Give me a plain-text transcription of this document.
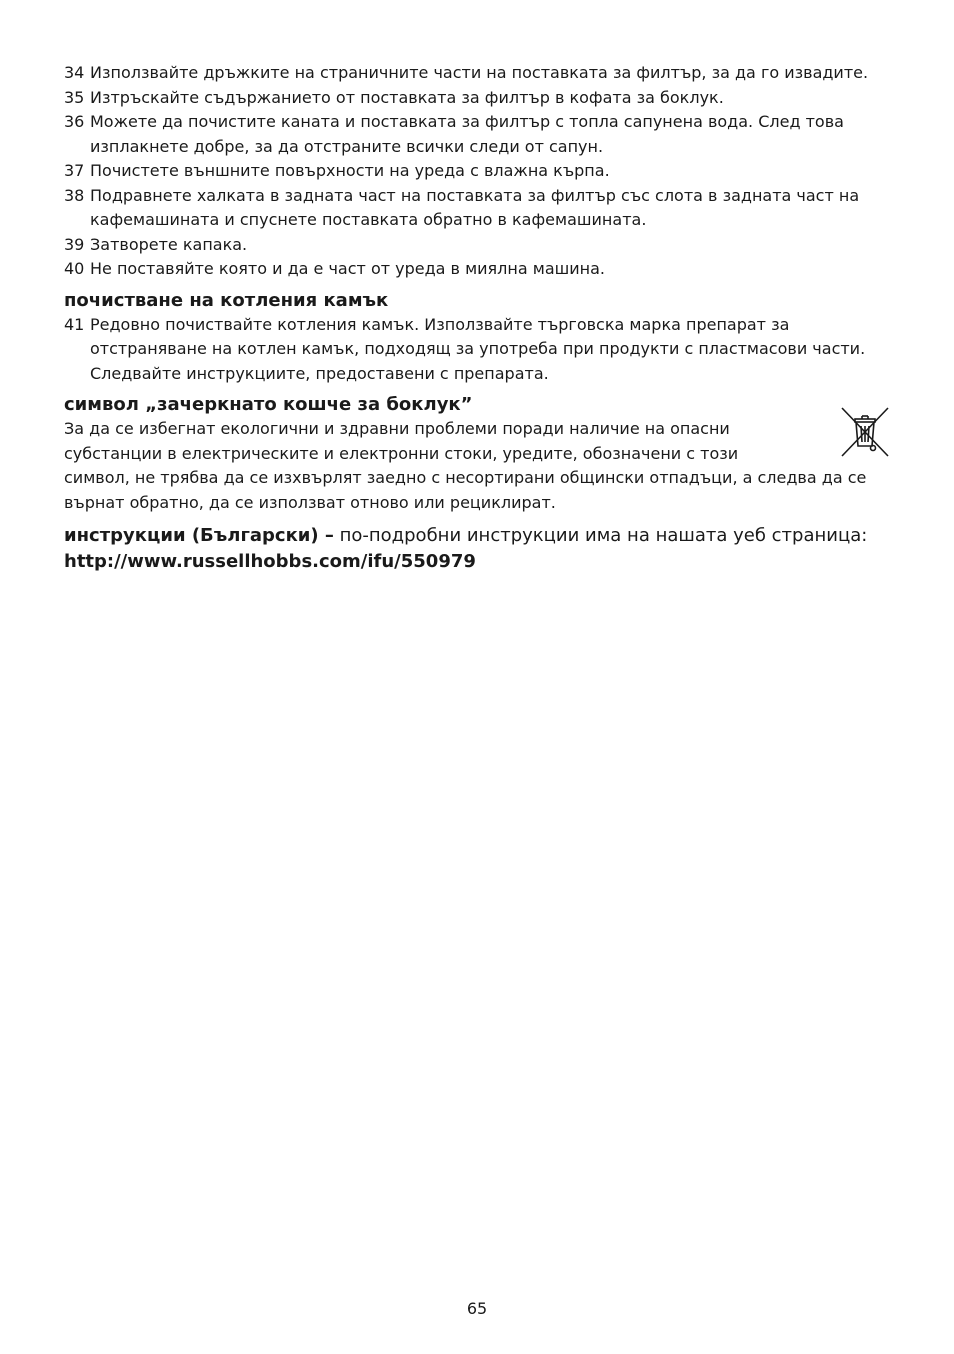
34 Използвайте дръжките на страничните части на поставката за филтър, за да го извадите.
35 Изтръскайте съдържанието от поставката за филтър в кофата за боклук.
36 Можете да почистите каната и поставката за филтър с топла сапунена вода. След това изплакнете добре, за да отстраните всички следи от сапун.
37 Почистете външните повърхности на уреда с влажна кърпа.
38 Подравнете халката в задната част на поставката за филтър със слота в задната част на кафемашината и спуснете поставката обратно в кафемашината.
39 Затворете капака.
40 Не поставяйте която и да е част от уреда в миялна машина.
почистване на котления камък
41 Редовно почиствайте котления камък. Използвайте търговска марка препарат за отстраняване на котлен камък, подходящ за употреба при продукти с пластмасови части. Следвайте инструкциите, предоставени с препарата.
символ „зачеркнато кошче за боклук”
За да се избегнат екологични и здравни проблеми поради наличие на опасни
субстанции в електрическите и електронни стоки, уредите, обозначени с този
символ, не трябва да се изхвърлят заедно с несортирани общински отпадъци, а следва да се върнат обратно, да се използват отново или рециклират.
инструкции (Български) – по-подробни инструкции има на нашата уеб страница:
http://www.russellhobbs.com/ifu/550979
65
